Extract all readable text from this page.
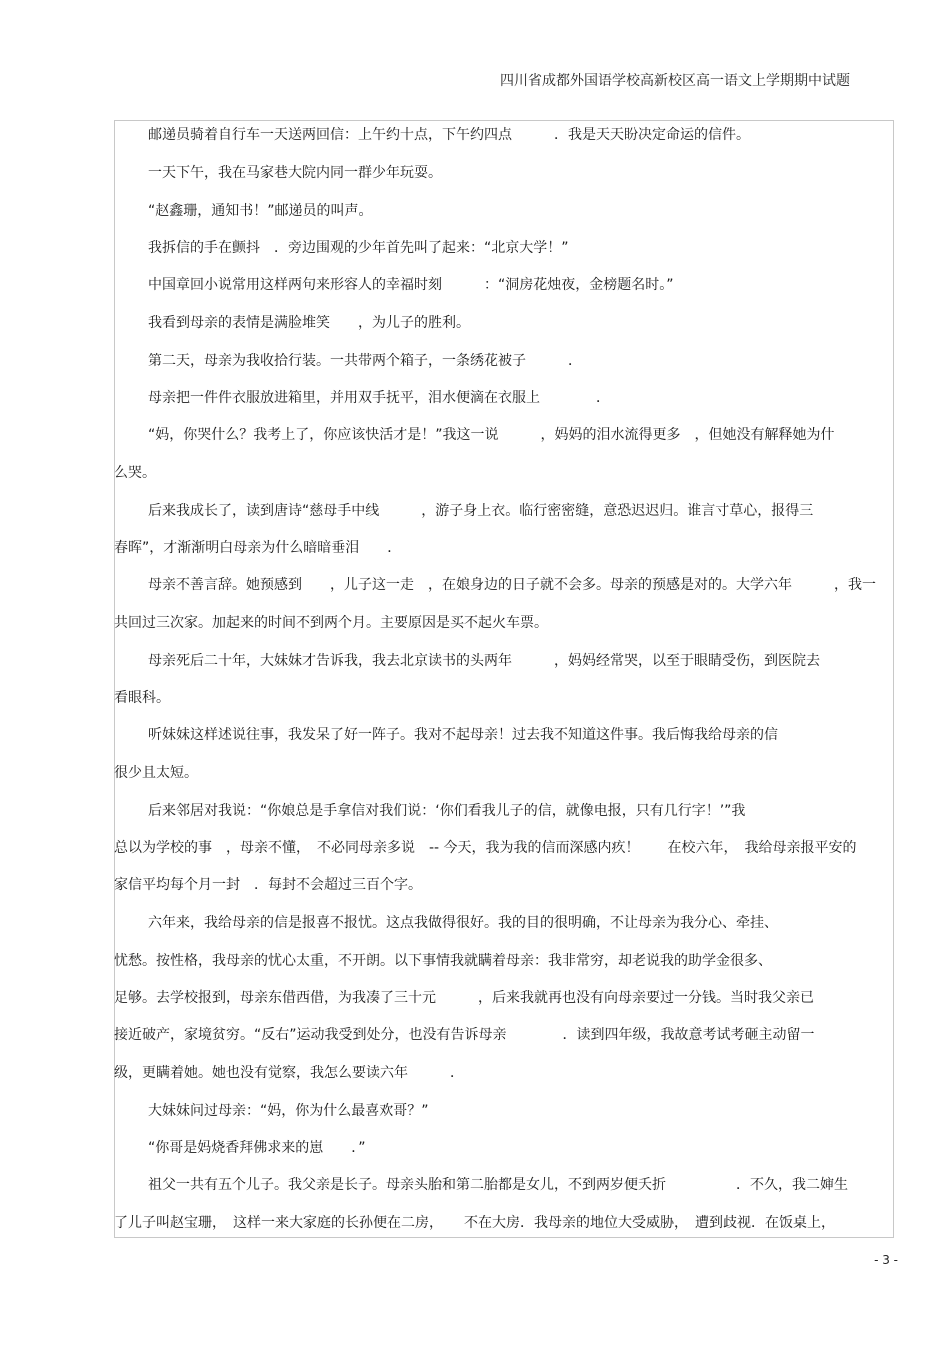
四川省成都外国语学校高新校区高一语文上学期期中试题
邮递员骑着自行车一天送两回信：上午约十点，下午约四点　　　．我是天天盼决定命运的信件。
一天下午，我在马家巷大院内同一群少年玩耍。
“赵鑫珊，通知书！”邮递员的叫声。
我拆信的手在颤抖　．旁边围观的少年首先叫了起来：“北京大学！”
中国章回小说常用这样两句来形容人的幸福时刻　　　：“洞房花烛夜，金榜题名时。”
我看到母亲的表情是满脸堆笑　　，为儿子的胜利。
第二天，母亲为我收拾行装。一共带两个箱子，一条绣花被子　　　．
母亲把一件件衣服放进箱里，并用双手抚平，泪水便滴在衣服上　　　　．
“妈，你哭什么？我考上了，你应该快活才是！”我这一说　　　，妈妈的泪水流得更多　，但她没有解释她为什
么哭。
后来我成长了，读到唐诗“慈母手中线　　　，游子身上衣。临行密密缝，意恐迟迟归。谁言寸草心，报得三
春晖”，才渐渐明白母亲为什么暗暗垂泪　　．
母亲不善言辞。她预感到　　，儿子这一走　，在娘身边的日子就不会多。母亲的预感是对的。大学六年　　　，我一
共回过三次家。加起来的时间不到两个月。主要原因是买不起火车票。
母亲死后二十年，大妹妹才告诉我，我去北京读书的头两年　　　，妈妈经常哭，以至于眼睛受伤，到医院去
看眼科。
听妹妹这样述说往事，我发呆了好一阵子。我对不起母亲！过去我不知道这件事。我后悔我给母亲的信
很少且太短。
后来邻居对我说：“你娘总是手拿信对我们说：‘你们看我儿子的信，就像电报，只有几行字！’”我
总以为学校的事　，母亲不懂，　不必同母亲多说　-- 今天，我为我的信而深感内疚！　　在校六年，　我给母亲报平安的
家信平均每个月一封　．每封不会超过三百个字。
六年来，我给母亲的信是报喜不报忧。这点我做得很好。我的目的很明确，不让母亲为我分心、牵挂、
忧愁。按性格，我母亲的忧心太重，不开朗。以下事情我就瞒着母亲：我非常穷，却老说我的助学金很多、
足够。去学校报到，母亲东借西借，为我凑了三十元　　　，后来我就再也没有向母亲要过一分钱。当时我父亲已
接近破产，家境贫穷。“反右”运动我受到处分，也没有告诉母亲　　　　．读到四年级，我故意考试考砸主动留一
级，更瞒着她。她也没有觉察，我怎么要读六年　　　．
大妹妹问过母亲：“妈，你为什么最喜欢哥？”
“你哥是妈烧香拜佛求来的崽　　．”
祖父一共有五个儿子。我父亲是长子。母亲头胎和第二胎都是女儿，不到两岁便夭折　　　　　．不久，我二婶生
了儿子叫赵宝珊，　这样一来大家庭的长孙便在二房，　　不在大房．我母亲的地位大受威胁，　遭到歧视．在饭桌上，
- 3 -
